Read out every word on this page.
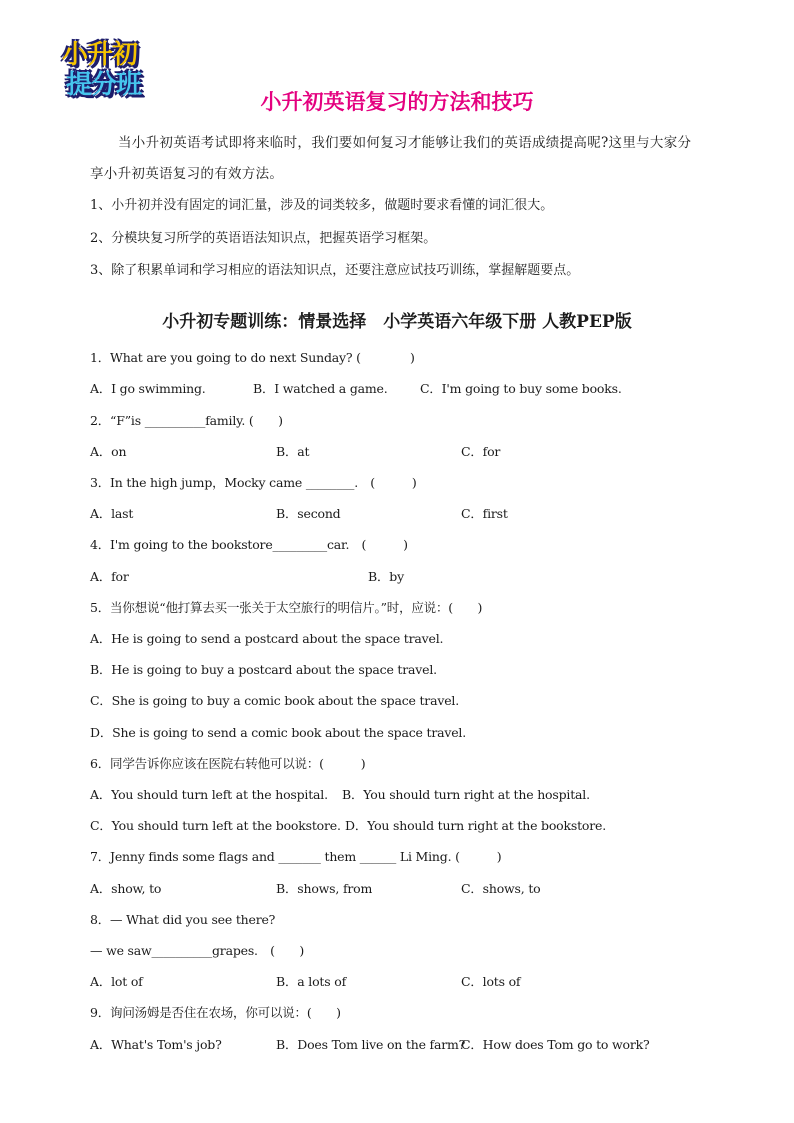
小升初
提分班
小升初英语复习的方法和技巧
当小升初英语考试即将来临时，我们要如何复习才能够让我们的英语成绩提高呢?这里与大家分享小升初英语复习的有效方法。
1、小升初并没有固定的词汇量，涉及的词类较多，做题时要求看懂的词汇很大。
2、分模块复习所学的英语语法知识点，把握英语学习框架。
3、除了积累单词和学习相应的语法知识点，还要注意应试技巧训练，掌握解题要点。
小升初专题训练：情景选择　小学英语六年级下册 人教PEP版
1．What are you going to do next Sunday? (　　　　)
A．I go swimming.	B．I watched a game.	C．I'm going to buy some books.
2．“F”is __________family. (　　)
A．on	B．at	C．for
3．In the high jump，Mocky came ________.　(　　　)
A．last	B．second	C．first
4．I'm going to the bookstore_________car.　(　　　)
A．for	B．by
5．当你想说“他打算去买一张关于太空旅行的明信片。”时，应说：(　　)
A．He is going to send a postcard about the space travel.
B．He is going to buy a postcard about the space travel.
C．She is going to buy a comic book about the space travel.
D．She is going to send a comic book about the space travel.
6．同学告诉你应该在医院右转他可以说：(　　　)
A．You should turn left at the hospital. B．You should turn right at the hospital.
C．You should turn left at the bookstore. D．You should turn right at the bookstore.
7．Jenny finds some flags and _______ them ______ Li Ming. (　　　)
A．show, to	B．shows, from	C．shows, to
8．— What did you see there?
— we saw__________grapes.　(　　)
A．lot of	B．a lots of	C．lots of
9．询问汤姆是否住在农场，你可以说：(　　)
A．What's Tom's job?	B．Does Tom live on the farm?
C．How does Tom go to work?
